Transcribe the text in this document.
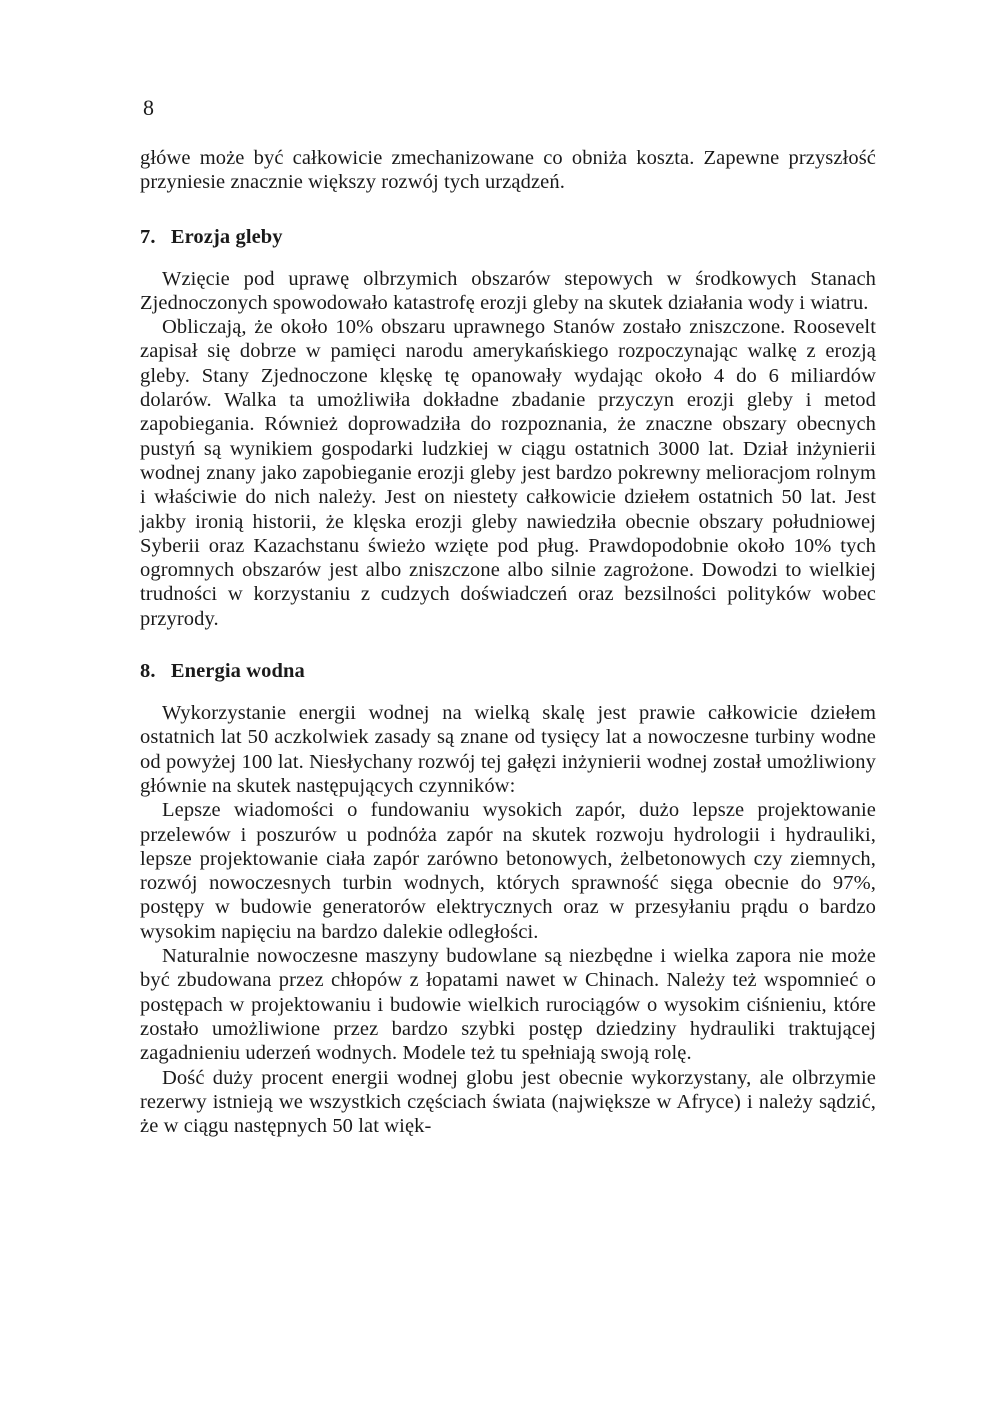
8

główe może być całkowicie zmechanizowane co obniża koszta. Zapewne przyszłość przyniesie znacznie większy rozwój tych urządzeń.

7. Erozja gleby

Wzięcie pod uprawę olbrzymich obszarów stepowych w środkowych Stanach Zjednoczonych spowodowało katastrofę erozji gleby na skutek działania wody i wiatru.

Obliczają, że około 10% obszaru uprawnego Stanów zostało zniszczone. Roosevelt zapisał się dobrze w pamięci narodu amerykańskiego rozpoczynając walkę z erozją gleby. Stany Zjednoczone klęskę tę opanowały wydając około 4 do 6 miliardów dolarów. Walka ta umożliwiła dokładne zbadanie przyczyn erozji gleby i metod zapobiegania. Również doprowadziła do rozpoznania, że znaczne obszary obecnych pustyń są wynikiem gospodarki ludzkiej w ciągu ostatnich 3000 lat. Dział inżynierii wodnej znany jako zapobieganie erozji gleby jest bardzo pokrewny melioracjom rolnym i właściwie do nich należy. Jest on niestety całkowicie dziełem ostatnich 50 lat. Jest jakby ironią historii, że klęska erozji gleby nawiedziła obecnie obszary południowej Syberii oraz Kazachstanu świeżo wzięte pod pług. Prawdopodobnie około 10% tych ogromnych obszarów jest albo zniszczone albo silnie zagrożone. Dowodzi to wielkiej trudności w korzystaniu z cudzych doświadczeń oraz bezsilności polityków wobec przyrody.

8. Energia wodna

Wykorzystanie energii wodnej na wielką skalę jest prawie całkowicie dziełem ostatnich lat 50 aczkolwiek zasady są znane od tysięcy lat a nowoczesne turbiny wodne od powyżej 100 lat. Niesłychany rozwój tej gałęzi inżynierii wodnej został umożliwiony głównie na skutek następujących czynników:

Lepsze wiadomości o fundowaniu wysokich zapór, dużo lepsze projektowanie przelewów i poszurów u podnóża zapór na skutek rozwoju hydrologii i hydrauliki, lepsze projektowanie ciała zapór zarówno betonowych, żelbetonowych czy ziemnych, rozwój nowoczesnych turbin wodnych, których sprawność sięga obecnie do 97%, postępy w budowie generatorów elektrycznych oraz w przesyłaniu prądu o bardzo wysokim napięciu na bardzo dalekie odległości.

Naturalnie nowoczesne maszyny budowlane są niezbędne i wielka zapora nie może być zbudowana przez chłopów z łopatami nawet w Chinach. Należy też wspomnieć o postępach w projektowaniu i budowie wielkich rurociągów o wysokim ciśnieniu, które zostało umożliwione przez bardzo szybki postęp dziedziny hydrauliki traktującej zagadnieniu uderzeń wodnych. Modele też tu spełniają swoją rolę.

Dość duży procent energii wodnej globu jest obecnie wykorzystany, ale olbrzymie rezerwy istnieją we wszystkich częściach świata (największe w Afryce) i należy sądzić, że w ciągu następnych 50 lat więk-
